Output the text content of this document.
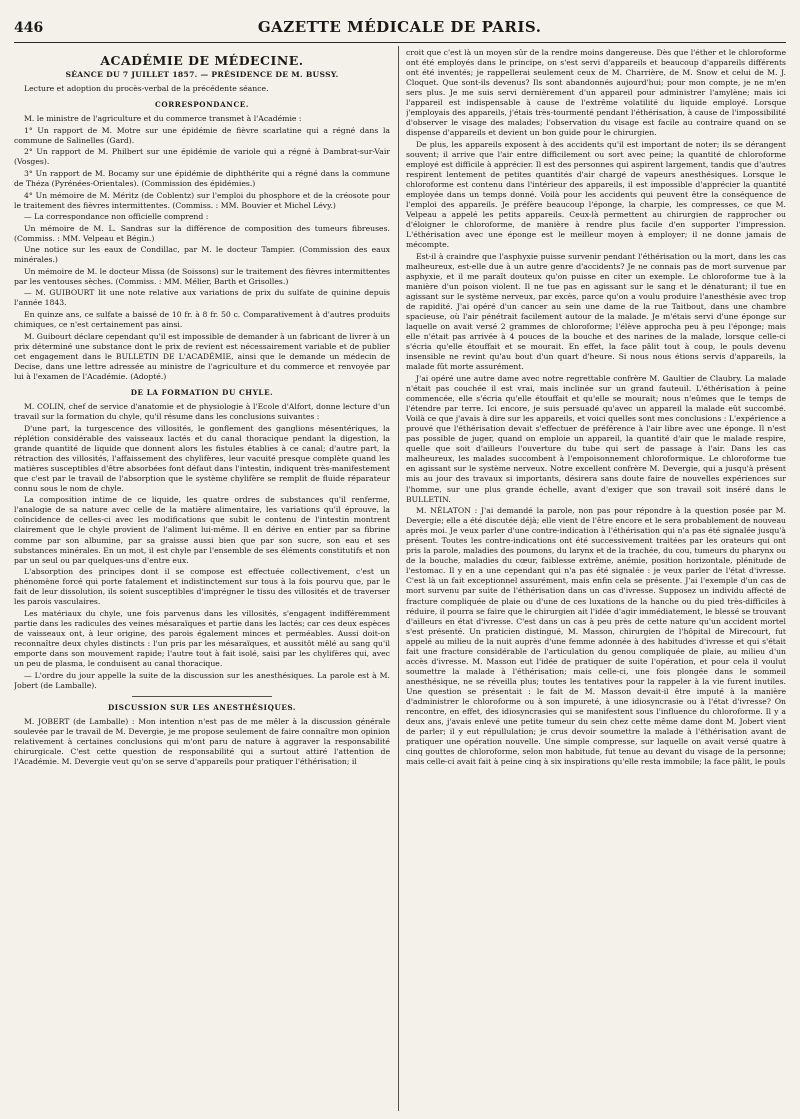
446	GAZETTE MÉDICALE DE PARIS.
ACADÉMIE DE MÉDECINE.
SÉANCE DU 7 JUILLET 1857. — PRÉSIDENCE DE M. BUSSY.

Lecture et adoption du procès-verbal de la précédente séance.

CORRESPONDANCE.

M. le ministre de l'agriculture et du commerce transmet à l'Académie :

1° Un rapport de M. Motre sur une épidémie de fièvre scarlatine qui a régné dans la commune de Salinelles (Gard).

2° Un rapport de M. Philbert sur une épidémie de variole qui a régné à Dambrat-sur-Vair (Vosges).

3° Un rapport de M. Bocamy sur une épidémie de diphthérite qui a régné dans la commune de Théza (Pyrénées-Orientales). (Commission des épidémies.)

4° Un mémoire de M. Méritz (de Coblentz) sur l'emploi du phosphore et de la créosote pour le traitement des fièvres intermittentes. (Commiss. : MM. Bouvier et Michel Lévy.)

— La correspondance non officielle comprend :

Un mémoire de M. L. Sandras sur la différence de composition des tumeurs fibreuses. (Commiss. : MM. Velpeau et Bégin.)

Une notice sur les eaux de Condillac, par M. le docteur Tampier. (Commission des eaux minérales.)

Un mémoire de M. le docteur Missa (de Soissons) sur le traitement des fièvres intermittentes par les ventouses sèches. (Commiss. : MM. Mélier, Barth et Grisolles.)

— M. GUIBOURT lit une note relative aux variations de prix du sulfate de quinine depuis l'année 1843.

En quinze ans, ce sulfate a baissé de 10 fr. à 8 fr. 50 c. Comparativement à d'autres produits chimiques, ce n'est certainement pas ainsi.

M. Guibourt déclare cependant qu'il est impossible de demander à un fabricant de livrer à un prix déterminé une substance dont le prix de revient est nécessairement variable et de publier cet engagement dans le BULLETIN DE L'ACADÉMIE, ainsi que le demande un médecin de Decise, dans une lettre adressée au ministre de l'agriculture et du commerce et renvoyée par lui à l'examen de l'Académie. (Adopté.)

DE LA FORMATION DU CHYLE.

M. COLIN, chef de service d'anatomie et de physiologie à l'Ecole d'Alfort, donne lecture d'un travail sur la formation du chyle, qu'il résume dans les conclusions suivantes :

D'une part, la turgescence des villosités, le gonflement des ganglions mésentériques, la réplétion considérable des vaisseaux lactés et du canal thoracique pendant la digestion, la grande quantité de liquide que donnent alors les fistules établies à ce canal; d'autre part, la rétraction des villosités, l'affaissement des chylifères, leur vacuité presque complète quand les matières susceptibles d'être absorbées font défaut dans l'intestin, indiquent très-manifestement que c'est par le travail de l'absorption que le système chylifère se remplit de fluide réparateur connu sous le nom de chyle.

La composition intime de ce liquide, les quatre ordres de substances qu'il renferme, l'analogie de sa nature avec celle de la matière alimentaire, les variations qu'il éprouve, la coïncidence de celles-ci avec les modifications que subit le contenu de l'intestin montrent clairement que le chyle provient de l'aliment lui-même. Il en dérive en entier par sa fibrine comme par son albumine, par sa graisse aussi bien que par son sucre, son eau et ses substances minérales. En un mot, il est chyle par l'ensemble de ses éléments constitutifs et non par un seul ou par quelques-uns d'entre eux.

L'absorption des principes dont il se compose est effectuée collectivement, c'est un phénomène forcé qui porte fatalement et indistinctement sur tous à la fois pourvu que, par le fait de leur dissolution, ils soient susceptibles d'imprégner le tissu des villosités et de traverser les parois vasculaires.

Les matériaux du chyle, une fois parvenus dans les villosités, s'engagent indifféremment partie dans les radicules des veines mésaraïques et partie dans les lactés; car ces deux espèces de vaisseaux ont, à leur origine, des parois également minces et perméables. Aussi doit-on reconnaître deux chyles distincts : l'un pris par les mésaraïques, et aussitôt mêlé au sang qu'il emporte dans son mouvement rapide; l'autre tout à fait isolé, saisi par les chylifères qui, avec un peu de plasma, le conduisent au canal thoracique.

— L'ordre du jour appelle la suite de la discussion sur les anesthésiques. La parole est à M. Jobert (de Lamballe).

DISCUSSION SUR LES ANESTHÉSIQUES.

M. JOBERT (de Lamballe) : Mon intention n'est pas de me mêler à la discussion générale soulevée par le travail de M. Devergie, je me propose seulement de faire connaître mon opinion relativement à certaines conclusions qui m'ont paru de nature à aggraver la responsabilité chirurgicale. C'est cette question de responsabilité qui a surtout attiré l'attention de l'Académie. M. Devergie veut qu'on se serve d'appareils pour pratiquer l'éthérisation; il

croit que c'est là un moyen sûr de la rendre moins dangereuse. Dès que l'éther et le chloroforme ont été employés dans le principe, on s'est servi d'appareils et beaucoup d'appareils différents ont été inventés; je rappellerai seulement ceux de M. Charrière, de M. Snow et celui de M. J. Cloquet. Que sont-ils devenus? Ils sont abandonnés aujourd'hui; pour mon compte, je ne m'en sers plus. Je me suis servi dernièrement d'un appareil pour administrer l'amylène; mais ici l'appareil est indispensable à cause de l'extrême volatilité du liquide employé. Lorsque j'employais des appareils, j'étais très-tourmenté pendant l'éthérisation, à cause de l'impossibilité d'observer le visage des malades; l'observation du visage est facile au contraire quand on se dispense d'appareils et devient un bon guide pour le chirurgien.

De plus, les appareils exposent à des accidents qu'il est important de noter; ils se dérangent souvent; il arrive que l'air entre difficilement ou sort avec peine; la quantité de chloroforme employé est difficile à apprécier. Il est des personnes qui aspirent largement, tandis que d'autres respirent lentement de petites quantités d'air chargé de vapeurs anesthésiques. Lorsque le chloroforme est contenu dans l'intérieur des appareils, il est impossible d'apprécier la quantité employée dans un temps donné. Voilà pour les accidents qui peuvent être la conséquence de l'emploi des appareils. Je préfère beaucoup l'éponge, la charpie, les compresses, ce que M. Velpeau a appelé les petits appareils. Ceux-là permettent au chirurgien de rapprocher ou d'éloigner le chloroforme, de manière à rendre plus facile d'en supporter l'impression. L'éthérisation avec une éponge est le meilleur moyen à employer; il ne donne jamais de mécompte.

Est-il à craindre que l'asphyxie puisse survenir pendant l'éthérisation ou la mort, dans les cas malheureux, est-elle due à un autre genre d'accidents? Je ne connais pas de mort survenue par asphyxie, et il me paraît douteux qu'on puisse en citer un exemple. Le chloroforme tue à la manière d'un poison violent. Il ne tue pas en agissant sur le sang et le dénaturant; il tue en agissant sur le système nerveux, par excès, parce qu'on a voulu produire l'anesthésie avec trop de rapidité. J'ai opéré d'un cancer au sein une dame de la rue Taitbout, dans une chambre spacieuse, où l'air pénétrait facilement autour de la malade. Je m'étais servi d'une éponge sur laquelle on avait versé 2 grammes de chloroforme; l'élève approcha peu à peu l'éponge; mais elle n'était pas arrivée à 4 pouces de la bouche et des narines de la malade, lorsque celle-ci s'écria qu'elle étouffait et se mourait. En effet, la face pâlit tout à coup, le pouls devenu insensible ne revint qu'au bout d'un quart d'heure. Si nous nous étions servis d'appareils, la malade fût morte assurément.

J'ai opéré une autre dame avec notre regrettable confrère M. Gaultier de Claubry. La malade n'était pas couchée il est vrai, mais inclinée sur un grand fauteuil. L'éthérisation à peine commencée, elle s'écria qu'elle étouffait et qu'elle se mourait; nous n'eûmes que le temps de l'étendre par terre. Ici encore, je suis persuadé qu'avec un appareil la malade eût succombé. Voilà ce que j'avais à dire sur les appareils, et voici quelles sont mes conclusions : L'expérience a prouvé que l'éthérisation devait s'effectuer de préférence à l'air libre avec une éponge. Il n'est pas possible de juger, quand on emploie un appareil, la quantité d'air que le malade respire, quelle que soit d'ailleurs l'ouverture du tube qui sert de passage à l'air. Dans les cas malheureux, les malades succombent à l'empoisonnement chloroformique. Le chloroforme tue en agissant sur le système nerveux. Notre excellent confrère M. Devergie, qui a jusqu'à présent mis au jour des travaux si importants, désirera sans doute faire de nouvelles expériences sur l'homme, sur une plus grande échelle, avant d'exiger que son travail soit inséré dans le BULLETIN.

M. NÉLATON : J'ai demandé la parole, non pas pour répondre à la question posée par M. Devergie; elle a été discutée déjà; elle vient de l'être encore et le sera probablement de nouveau après moi. Je veux parler d'une contre-indication à l'éthérisation qui n'a pas été signalée jusqu'à présent. Toutes les contre-indications ont été successivement traitées par les orateurs qui ont pris la parole, maladies des poumons, du larynx et de la trachée, du cou, tumeurs du pharynx ou de la bouche, maladies du cœur, faiblesse extrême, anémie, position horizontale, plénitude de l'estomac. Il y en a une cependant qui n'a pas été signalée : je veux parler de l'état d'ivresse. C'est là un fait exceptionnel assurément, mais enfin cela se présente. J'ai l'exemple d'un cas de mort survenu par suite de l'éthérisation dans un cas d'ivresse. Supposez un individu affecté de fracture compliquée de plaie ou d'une de ces luxations de la hanche ou du pied très-difficiles à réduire, il pourra se faire que le chirurgien ait l'idée d'agir immédiatement, le blessé se trouvant d'ailleurs en état d'ivresse. C'est dans un cas à peu près de cette nature qu'un accident mortel s'est présenté. Un praticien distingué, M. Masson, chirurgien de l'hôpital de Mirecourt, fut appelé au milieu de la nuit auprès d'une femme adonnée à des habitudes d'ivresse et qui s'était fait une fracture considérable de l'articulation du genou compliquée de plaie, au milieu d'un accès d'ivresse. M. Masson eut l'idée de pratiquer de suite l'opération, et pour cela il voulut soumettre la malade à l'éthérisation; mais celle-ci, une fois plongée dans le sommeil anesthésique, ne se réveilla plus; toutes les tentatives pour la rappeler à la vie furent inutiles. Une question se présentait : le fait de M. Masson devait-il être imputé à la manière d'administrer le chloroforme ou à son impureté, à une idiosyncrasie ou à l'état d'ivresse? On rencontre, en effet, des idiosyncrasies qui se manifestent sous l'influence du chloroforme. Il y a deux ans, j'avais enlevé une petite tumeur du sein chez cette même dame dont M. Jobert vient de parler; il y eut répullulation; je crus devoir soumettre la malade à l'éthérisation avant de pratiquer une opération nouvelle. Une simple compresse, sur laquelle on avait versé quatre à cinq gouttes de chloroforme, selon mon habitude, fut tenue au devant du visage de la personne; mais celle-ci avait fait à peine cinq à six inspirations qu'elle resta immobile; la face pâlit, le pouls
